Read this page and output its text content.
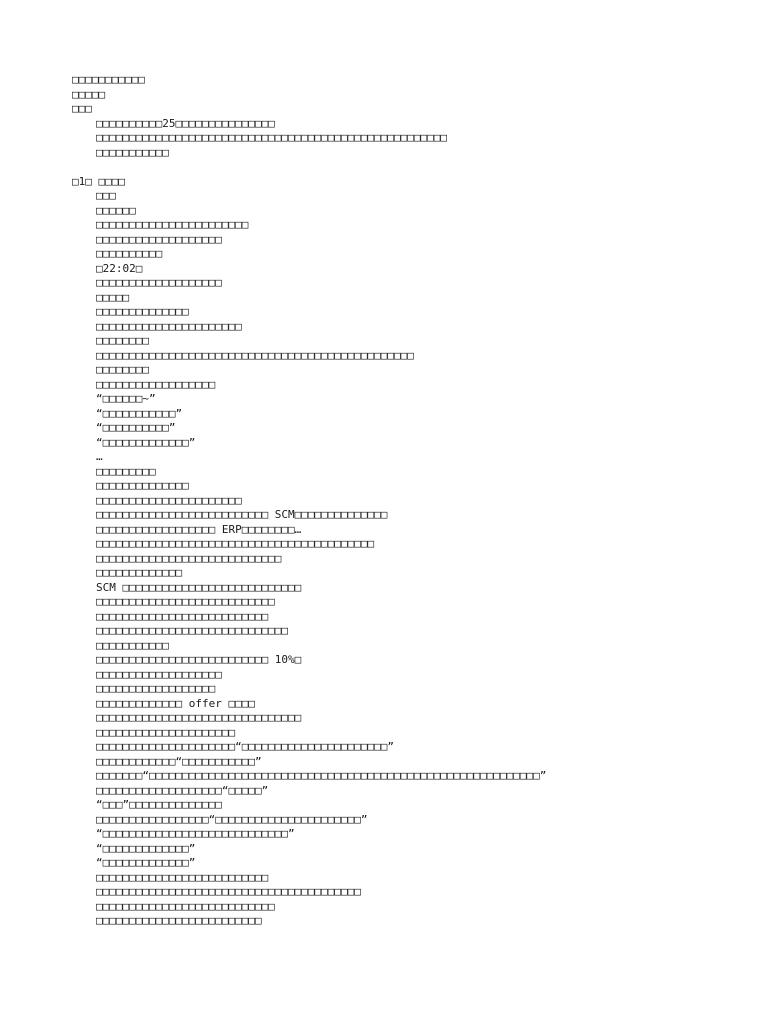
□□□□□□□□□□□
□□□□□
□□□
□□□□□□□□□□25□□□□□□□□□□□□□□□
□□□□□□□□□□□□□□□□□□□□□□□□□□□□□□□□□□□□□□□□□□□□□□□□□□□□□
□□□□□□□□□□□
□1□ □□□□
□□□
□□□□□□
□□□□□□□□□□□□□□□□□□□□□□□
□□□□□□□□□□□□□□□□□□□
□□□□□□□□□□
□22:02□
□□□□□□□□□□□□□□□□□□□
□□□□□
□□□□□□□□□□□□□□
□□□□□□□□□□□□□□□□□□□□□□
□□□□□□□□
□□□□□□□□□□□□□□□□□□□□□□□□□□□□□□□□□□□□□□□□□□□□□□□□
□□□□□□□□
□□□□□□□□□□□□□□□□□□
“□□□□□□~”
“□□□□□□□□□□□”
“□□□□□□□□□□”
“□□□□□□□□□□□□□”
…
□□□□□□□□□
□□□□□□□□□□□□□□
□□□□□□□□□□□□□□□□□□□□□□
□□□□□□□□□□□□□□□□□□□□□□□□□□ SCM□□□□□□□□□□□□□□
□□□□□□□□□□□□□□□□□□ ERP□□□□□□□□…
□□□□□□□□□□□□□□□□□□□□□□□□□□□□□□□□□□□□□□□□□□
□□□□□□□□□□□□□□□□□□□□□□□□□□□□
□□□□□□□□□□□□□
SCM □□□□□□□□□□□□□□□□□□□□□□□□□□□
□□□□□□□□□□□□□□□□□□□□□□□□□□□
□□□□□□□□□□□□□□□□□□□□□□□□□□
□□□□□□□□□□□□□□□□□□□□□□□□□□□□□
□□□□□□□□□□□
□□□□□□□□□□□□□□□□□□□□□□□□□□ 10%□
□□□□□□□□□□□□□□□□□□□
□□□□□□□□□□□□□□□□□□
□□□□□□□□□□□□□ offer □□□□
□□□□□□□□□□□□□□□□□□□□□□□□□□□□□□□
□□□□□□□□□□□□□□□□□□□□□
□□□□□□□□□□□□□□□□□□□□□“□□□□□□□□□□□□□□□□□□□□□□”
□□□□□□□□□□□□“□□□□□□□□□□□”
□□□□□□□“□□□□□□□□□□□□□□□□□□□□□□□□□□□□□□□□□□□□□□□□□□□□□□□□□□□□□□□□□□□”
□□□□□□□□□□□□□□□□□□□“□□□□□”
“□□□”□□□□□□□□□□□□□□
□□□□□□□□□□□□□□□□□“□□□□□□□□□□□□□□□□□□□□□□”
“□□□□□□□□□□□□□□□□□□□□□□□□□□□□”
“□□□□□□□□□□□□□”
“□□□□□□□□□□□□□”
□□□□□□□□□□□□□□□□□□□□□□□□□□
□□□□□□□□□□□□□□□□□□□□□□□□□□□□□□□□□□□□□□□□
□□□□□□□□□□□□□□□□□□□□□□□□□□□
□□□□□□□□□□□□□□□□□□□□□□□□□
